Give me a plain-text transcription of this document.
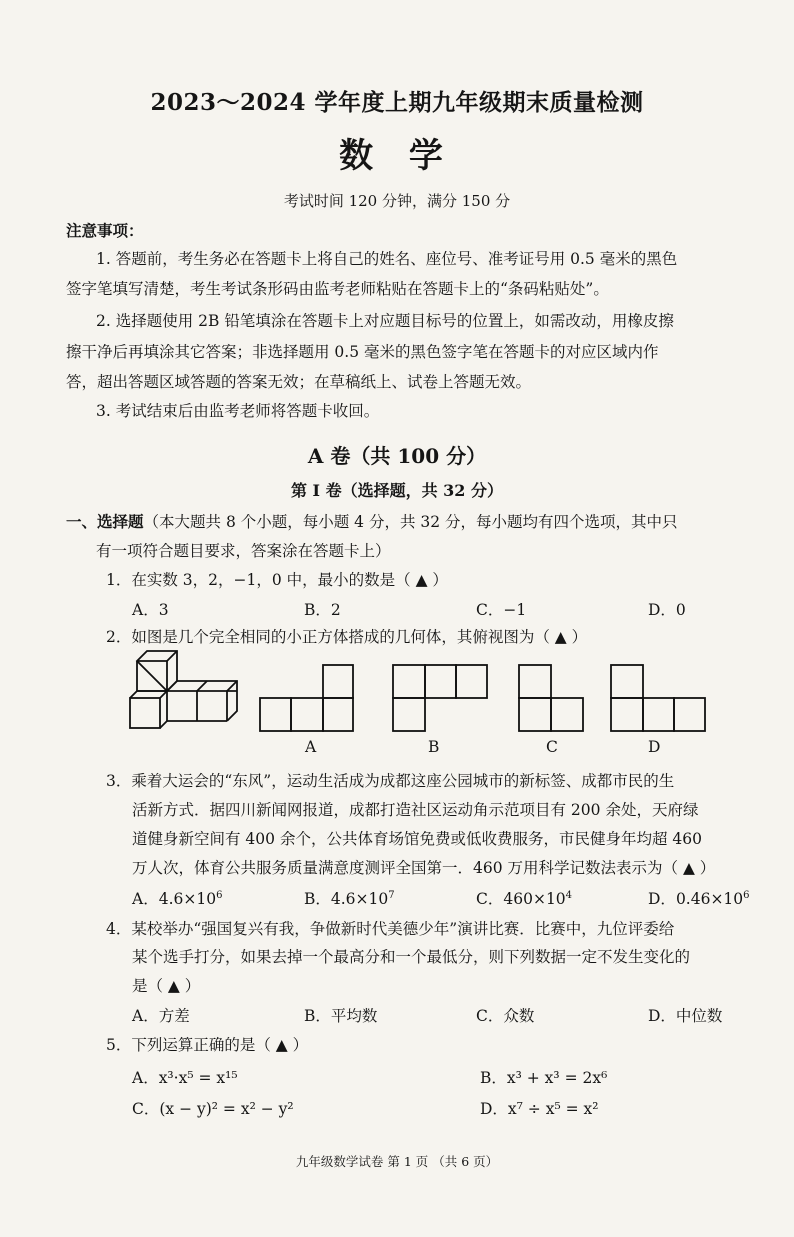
2023～2024 学年度上期九年级期末质量检测
数 学
考试时间 120 分钟，满分 150 分
注意事项：
1. 答题前，考生务必在答题卡上将自己的姓名、座位号、准考证号用 0.5 毫米的黑色
签字笔填写清楚，考生考试条形码由监考老师粘贴在答题卡上的“条码粘贴处”。
2. 选择题使用 2B 铅笔填涂在答题卡上对应题目标号的位置上，如需改动，用橡皮擦
擦干净后再填涂其它答案；非选择题用 0.5 毫米的黑色签字笔在答题卡的对应区域内作
答，超出答题区域答题的答案无效；在草稿纸上、试卷上答题无效。
3. 考试结束后由监考老师将答题卡收回。
A 卷（共 100 分）
第 I 卷（选择题，共 32 分）
一、选择题（本大题共 8 个小题，每小题 4 分，共 32 分，每小题均有四个选项，其中只
有一项符合题目要求，答案涂在答题卡上）
1．在实数 3，2，−1，0 中，最小的数是（ ▲ ）
A．3	B．2	C．−1	D．0
2．如图是几个完全相同的小正方体搭成的几何体，其俯视图为（ ▲ ）
A	B	C	D
3．乘着大运会的“东风”，运动生活成为成都这座公园城市的新标签、成都市民的生
活新方式．据四川新闻网报道，成都打造社区运动角示范项目有 200 余处，天府绿
道健身新空间有 400 余个，公共体育场馆免费或低收费服务，市民健身年均超 460
万人次，体育公共服务质量满意度测评全国第一．460 万用科学记数法表示为（ ▲ ）
A．$4.6\times 10^6$	B．$4.6\times 10^7$	C．$460\times 10^4$	D．$0.46\times 10^6$
4．某校举办“强国复兴有我，争做新时代美德少年”演讲比赛．比赛中，九位评委给
某个选手打分，如果去掉一个最高分和一个最低分，则下列数据一定不发生变化的
是（ ▲ ）
A．方差	B．平均数	C．众数	D．中位数
5．下列运算正确的是（ ▲ ）
A．x³·x⁵ = x¹⁵	B．x³ + x³ = 2x⁶
C．(x − y)² = x² − y²	D．x⁷ ÷ x⁵ = x²
九年级数学试卷 第 1 页 （共 6 页）
